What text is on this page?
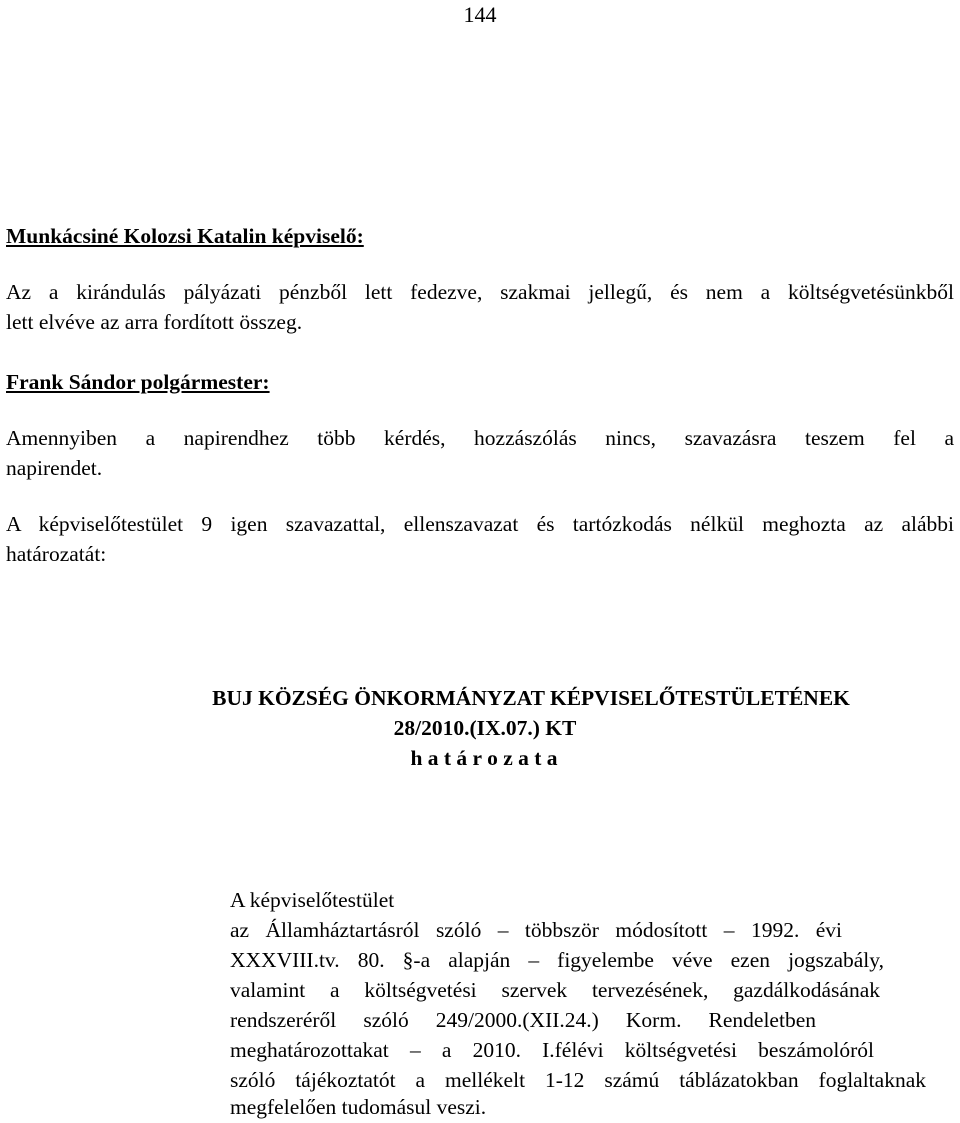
144
Munkácsiné Kolozsi Katalin képviselő:
Az a kirándulás pályázati pénzből lett fedezve, szakmai jellegű, és nem a költségvetésünkből
lett elvéve az arra fordított összeg.
Frank Sándor polgármester:
Amennyiben a napirendhez több kérdés, hozzászólás nincs, szavazásra teszem fel a
napirendet.
A képviselőtestület 9 igen szavazattal, ellenszavazat és tartózkodás nélkül meghozta az alábbi
határozatát:
BUJ KÖZSÉG ÖNKORMÁNYZAT KÉPVISELŐTESTÜLETÉNEK
28/2010.(IX.07.) KT
h a t á r o z a t a
A képviselőtestület
az Államháztartásról szóló – többször módosított – 1992. évi
XXXVIII.tv. 80. §-a alapján – figyelembe véve ezen jogszabály,
valamint a költségvetési szervek tervezésének, gazdálkodásának
rendszeréről szóló 249/2000.(XII.24.) Korm. Rendeletben
meghatározottakat – a 2010. I.félévi költségvetési beszámolóról
szóló tájékoztatót a mellékelt 1-12 számú táblázatokban foglaltaknak
megfelelően tudomásul veszi.
